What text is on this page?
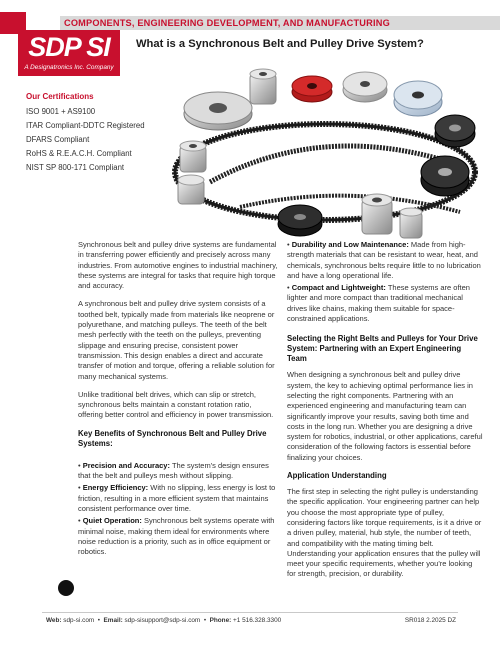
COMPONENTS, ENGINEERING DEVELOPMENT, AND MANUFACTURING
SDP SI
A Designatronics Inc. Company
What is a Synchronous Belt and Pulley Drive System?
Our Certifications
ISO 9001 + AS9100
ITAR Compliant-DDTC Registered
DFARS Compliant
RoHS & R.E.A.C.H. Compliant
NIST SP 800-171 Compliant

Synchronous belt and pulley drive systems are fundamental in transferring power efficiently and precisely across many industries. From automotive engines to industrial machinery, these systems are integral for tasks that require high torque and accuracy.

A synchronous belt and pulley drive system consists of a toothed belt, typically made from materials like neoprene or polyurethane, and matching pulleys. The teeth of the belt mesh perfectly with the teeth on the pulleys, preventing slippage and ensuring precise, consistent power transmission. This design enables a direct and accurate transfer of motion and torque, offering a reliable solution for many mechanical systems.

Unlike traditional belt drives, which can slip or stretch, synchronous belts maintain a constant rotation ratio, offering better control and efficiency in power transmission.

Key Benefits of Synchronous Belt and Pulley Drive Systems:
• Precision and Accuracy: The system's design ensures that the belt and pulleys mesh without slipping.
• Energy Efficiency: With no slipping, less energy is lost to friction, resulting in a more efficient system that maintains consistent performance over time.
• Quiet Operation: Synchronous belt systems operate with minimal noise, making them ideal for environments where noise reduction is a priority, such as in office equipment or robotics.
• Durability and Low Maintenance: Made from high-strength materials that can be resistant to wear, heat, and chemicals, synchronous belts require little to no lubrication and have a long operational life.
• Compact and Lightweight: These systems are often lighter and more compact than traditional mechanical drives like chains, making them suitable for space-constrained applications.
Selecting the Right Belts and Pulleys for Your Drive System: Partnering with an Expert Engineering Team

When designing a synchronous belt and pulley drive system, the key to achieving optimal performance lies in selecting the right components. Partnering with an experienced engineering and manufacturing team can significantly improve your results, saving both time and costs in the long run. Whether you are designing a drive system for robotics, industrial, or other applications, careful consideration of the following factors is essential before finalizing your choices.

Application Understanding

The first step in selecting the right pulley is understanding the specific application. Your engineering partner can help you choose the most appropriate type of pulley, considering factors like torque requirements, is it a drive or a driven pulley, material, hub style, the number of teeth, and compatibility with the mating timing belt. Understanding your application ensures that the pulley will meet your specific requirements, whether you're looking for strength, precision, or durability.

Web: sdp-si.com  •  Email: sdp-sisupport@sdp-si.com  •  Phone: +1 516.328.3300	SR018 2.2025 DZ
